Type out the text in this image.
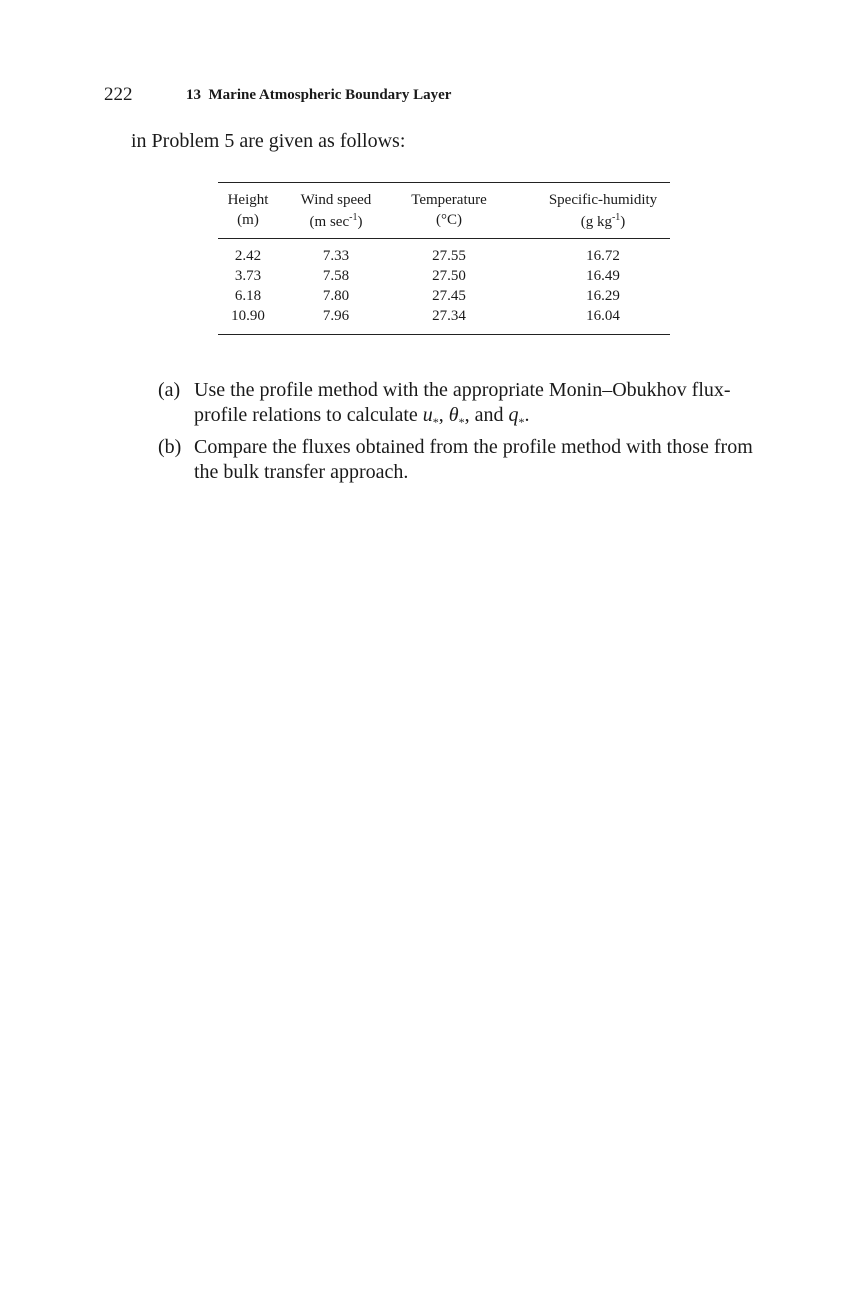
222	13  Marine Atmospheric Boundary Layer
in Problem 5 are given as follows:
Height	Wind speed	Temperature	Specific-humidity
(m)	(m $\sec^{-1}$)	(°C)	(g $kg^{-1}$)
2.42	7.33	27.55	16.72
3.73	7.58	27.50	16.49
6.18	7.80	27.45	16.29
10.90	7.96	27.34	16.04
(a) Use the profile method with the appropriate Monin–Obukhov flux-profile relations to calculate $u_*$, $\theta_*$, and $q_*$.
(b) Compare the fluxes obtained from the profile method with those from the bulk transfer approach.
